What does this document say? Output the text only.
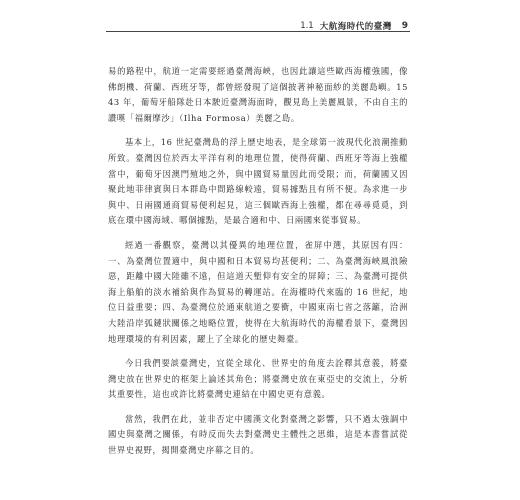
1.1 大航海時代的臺灣 9

易的路程中，航道一定需要經過臺灣海峽，也因此讓這些歐西海權強國，像佛朗機、荷蘭、西班牙等，都曾經發現了這個披著神秘面紗的美麗島嶼。1543 年，葡萄牙船隊赴日本駛近臺灣海面時，觀見島上美麗風景，不由自主的讚嘆「福爾摩沙」（Ilha Formosa）美麗之島。

基本上，16 世紀臺灣島的浮上歷史地表，是全球第一波現代化浪潮推動所致。臺灣因位於西太平洋有利的地理位置，使得荷蘭、西班牙等海上強權當中，葡萄牙因澳門殖地之外，與中國貿易量因此而受限；而，荷蘭國又因聚此地菲律賓與日本群島中間路線較遠，貿易據點且有所不便。為求進一步與中、日兩國通商貿易便利起見，這三個歐西海上強權，都在尋尋覓覓，到底在環中國海域、哪個據點，是最合適和中、日兩國來從事貿易。

經過一番觀察，臺灣以其優異的地理位置，雀屏中選，其原因有四：一、為臺灣位置適中，與中國和日本貿易均甚便利；二、為臺灣海峽風浪險惡，距離中國大陸雖不遠，但這道天塹仰有安全的屏障；三、為臺灣可提供海上船舶的淡水補給與作為貿易的轉運站。在海權時代來臨的 16 世紀，地位日益重要；四、為臺灣位於通東航道之要衝，中國東南七省之落籬，洽洲大陸沿岸弧鏈狀關係之地略位置，使得在大航海時代的海權看景下，臺灣因地理環境的有利因素，躍上了全球化的歷史舞臺。

今日我們要談臺灣史，宜從全球化、世界史的角度去詮釋其意義，將臺灣史放在世界史的框架上論述其角色；將臺灣史放在東亞史的交流上，分析其重要性，這也或許比將臺灣史連結在中國史更有意義。

當然，我們在此，並非否定中國漢文化對臺灣之影響，只不過太強調中國史與臺灣之關係，有時反而失去對臺灣史主體性之思維，這是本書嘗試從世界史視野，揭開臺灣史序幕之目的。
